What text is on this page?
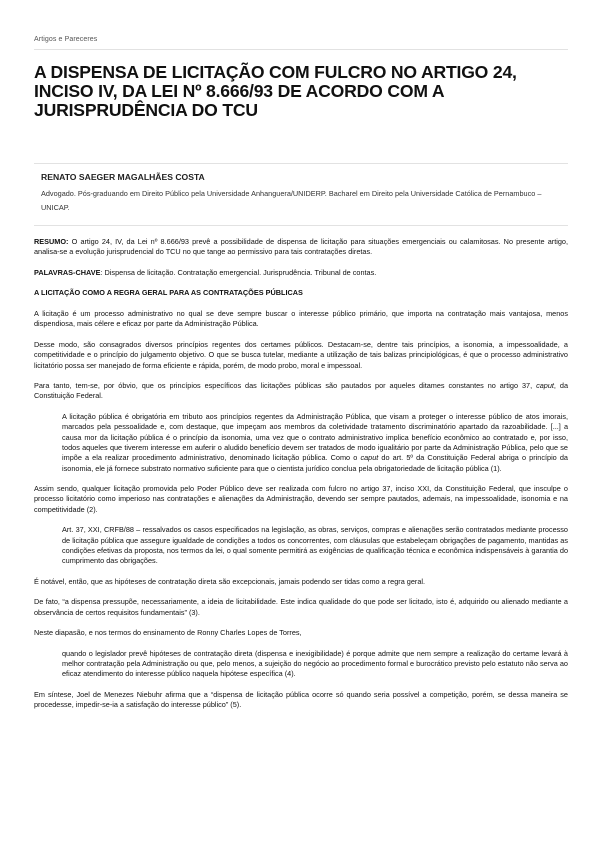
Artigos e Pareceres
A DISPENSA DE LICITAÇÃO COM FULCRO NO ARTIGO 24, INCISO IV, DA LEI Nº 8.666/93 DE ACORDO COM A JURISPRUDÊNCIA DO TCU
RENATO SAEGER MAGALHÃES COSTA

Advogado. Pós-graduando em Direito Público pela Universidade Anhanguera/UNIDERP. Bacharel em Direito pela Universidade Católica de Pernambuco – UNICAP.

RESUMO: O artigo 24, IV, da Lei nº 8.666/93 prevê a possibilidade de dispensa de licitação para situações emergenciais ou calamitosas. No presente artigo, analisa-se a evolução jurisprudencial do TCU no que tange ao permissivo para tais contratações diretas.

PALAVRAS-CHAVE: Dispensa de licitação. Contratação emergencial. Jurisprudência. Tribunal de contas.

A LICITAÇÃO COMO A REGRA GERAL PARA AS CONTRATAÇÕES PÚBLICAS

A licitação é um processo administrativo no qual se deve sempre buscar o interesse público primário, que importa na contratação mais vantajosa, menos dispendiosa, mais célere e eficaz por parte da Administração Pública.

Desse modo, são consagrados diversos princípios regentes dos certames públicos. Destacam-se, dentre tais princípios, a isonomia, a impessoalidade, a competitividade e o princípio do julgamento objetivo. O que se busca tutelar, mediante a utilização de tais balizas principiológicas, é que o processo administrativo licitatório possa ser manejado de forma eficiente e rápida, porém, de modo probo, moral e impessoal.

Para tanto, tem-se, por óbvio, que os princípios específicos das licitações públicas são pautados por aqueles ditames constantes no artigo 37, caput, da Constituição Federal.

A licitação pública é obrigatória em tributo aos princípios regentes da Administração Pública, que visam a proteger o interesse público de atos imorais, marcados pela pessoalidade e, com destaque, que impeçam aos membros da coletividade tratamento discriminatório apartado da razoabilidade. [...] a causa mor da licitação pública é o princípio da isonomia, uma vez que o contrato administrativo implica benefício econômico ao contratado e, por isso, todos aqueles que tiverem interesse em auferir o aludido benefício devem ser tratados de modo igualitário por parte da Administração Pública, pelo que se impõe a ela realizar procedimento administrativo, denominado licitação pública. Como o caput do art. 5º da Constituição Federal abriga o princípio da isonomia, ele já fornece substrato normativo suficiente para que o cientista jurídico conclua pela obrigatoriedade de licitação pública (1).

Assim sendo, qualquer licitação promovida pelo Poder Público deve ser realizada com fulcro no artigo 37, inciso XXI, da Constituição Federal, que insculpe o processo licitatório como imperioso nas contratações e alienações da Administração, devendo ser sempre pautados, ademais, na impessoalidade, isonomia e na competitividade (2).

Art. 37, XXI, CRFB/88 – ressalvados os casos especificados na legislação, as obras, serviços, compras e alienações serão contratados mediante processo de licitação pública que assegure igualdade de condições a todos os concorrentes, com cláusulas que estabeleçam obrigações de pagamento, mantidas as condições efetivas da proposta, nos termos da lei, o qual somente permitirá as exigências de qualificação técnica e econômica indispensáveis à garantia do cumprimento das obrigações.

É notável, então, que as hipóteses de contratação direta são excepcionais, jamais podendo ser tidas como a regra geral.

De fato, “a dispensa pressupõe, necessariamente, a ideia de licitabilidade. Este indica qualidade do que pode ser licitado, isto é, adquirido ou alienado mediante a observância de certos requisitos fundamentais” (3).

Neste diapasão, e nos termos do ensinamento de Ronny Charles Lopes de Torres,

quando o legislador prevê hipóteses de contratação direta (dispensa e inexigibilidade) é porque admite que nem sempre a realização do certame levará à melhor contratação pela Administração ou que, pelo menos, a sujeição do negócio ao procedimento formal e burocrático previsto pelo estatuto não serva ao eficaz atendimento do interesse público naquela hipótese específica (4).

Em síntese, Joel de Menezes Niebuhr afirma que a “dispensa de licitação pública ocorre só quando seria possível a competição, porém, se dessa maneira se procedesse, impedir-se-ia a satisfação do interesse público” (5).
